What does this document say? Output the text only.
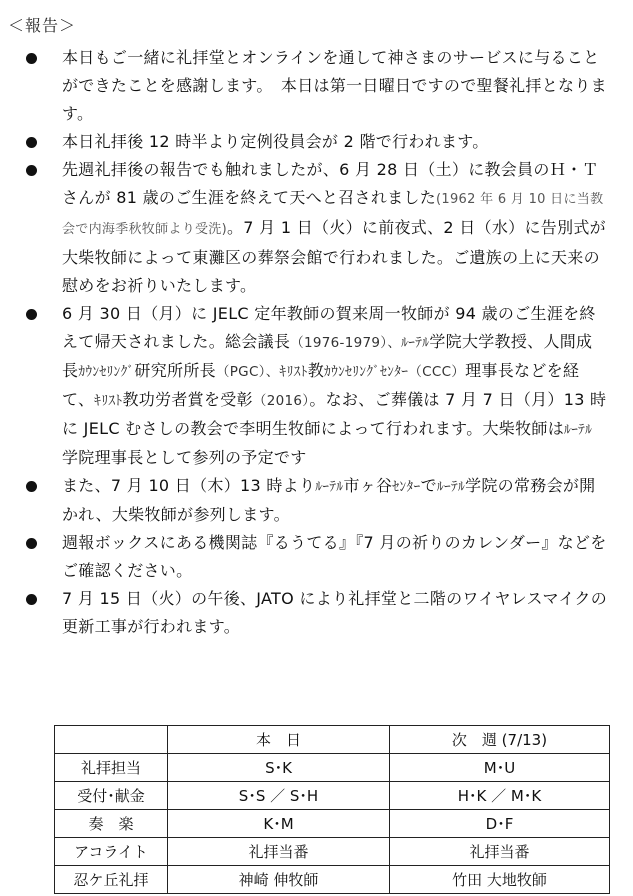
＜報告＞
本日もご一緒に礼拝堂とオンラインを通して神さまのサービスに与ることができたことを感謝します。　本日は第一日曜日ですので聖餐礼拝となります。
本日礼拝後 12 時半より定例役員会が 2 階で行われます。
先週礼拝後の報告でも触れましたが、6 月 28 日（土）に教会員のＨ・Ｔさんが 81 歳のご生涯を終えて天へと召されました(1962 年 6 月 10 日に当教会で内海季秋牧師より受洗)。7 月 1 日（火）に前夜式、2 日（水）に告別式が大柴牧師によって東灘区の葬祭会館で行われました。ご遺族の上に天来の慰めをお祈りいたします。
6 月 30 日（月）に JELC 定年教師の賀来周一牧師が 94 歳のご生涯を終えて帰天されました。総会議長（1976-1979）、ﾙｰﾃﾙ学院大学教授、人間成長ｶｳﾝｾﾘﾝｸﾞ研究所所長（PGC）、ｷﾘｽﾄ教ｶｳﾝｾﾘﾝｸﾞｾﾝﾀｰ（CCC）理事長などを経て、ｷﾘｽﾄ教功労者賞を受彰（2016）。なお、ご葬儀は 7 月 7 日（月）13 時に JELC むさしの教会で李明生牧師によって行われます。大柴牧師はﾙｰﾃﾙ学院理事長として参列の予定です
また、7 月 10 日（木）13 時よりﾙｰﾃﾙ市ヶ谷ｾﾝﾀｰでﾙｰﾃﾙ学院の常務会が開かれ、大柴牧師が参列します。
週報ボックスにある機関誌『るうてる』『7 月の祈りのカレンダー』などをご確認ください。
7 月 15 日（火）の午後、JATO により礼拝堂と二階のワイヤレスマイクの更新工事が行われます。
	本　日	次　週 (7/13)
礼拝担当	S･K	M･U
受付･献金	S･S ／ S･H	H･K ／ M･K
奏　楽	K･M	D･F
アコライト	礼拝当番	礼拝当番
忍ケ丘礼拝	神崎 伸牧師	竹田 大地牧師
